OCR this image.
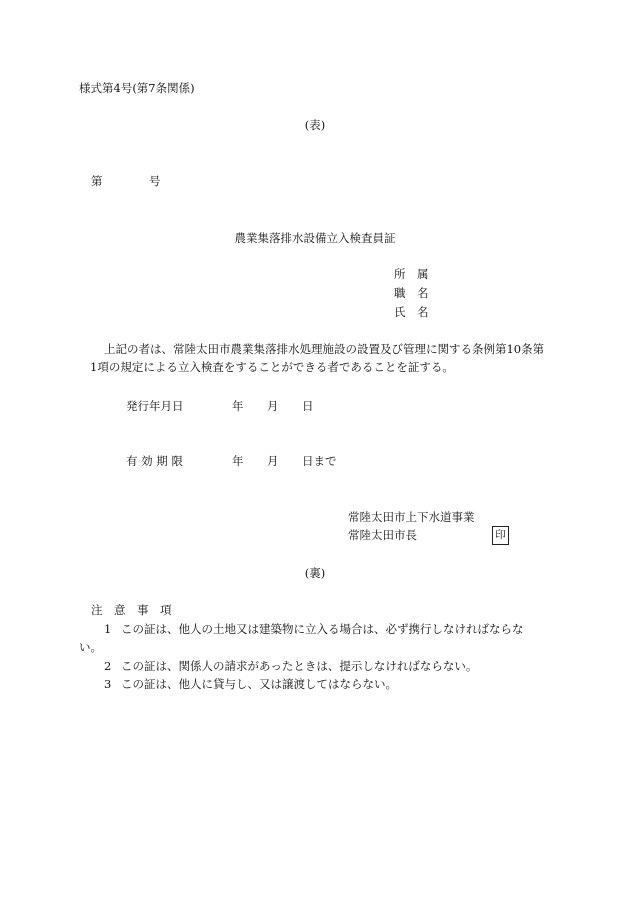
様式第4号(第7条関係)
(表)
第	号
農業集落排水設備立入検査員証
所　属
職　名
氏　名
上記の者は、常陸太田市農業集落排水処理施設の設置及び管理に関する条例第10条第
1項の規定による立入検査をすることができる者であることを証する。
発行年月日	年 月 日
有 効 期 限	年 月 日まで
常陸太田市上下水道事業
常陸太田市長	印
(裏)
注　意　事　項
1 この証は、他人の土地又は建築物に立入る場合は、必ず携行しなければならな
い。
2 この証は、関係人の請求があったときは、提示しなければならない。
3 この証は、他人に貸与し、又は譲渡してはならない。
